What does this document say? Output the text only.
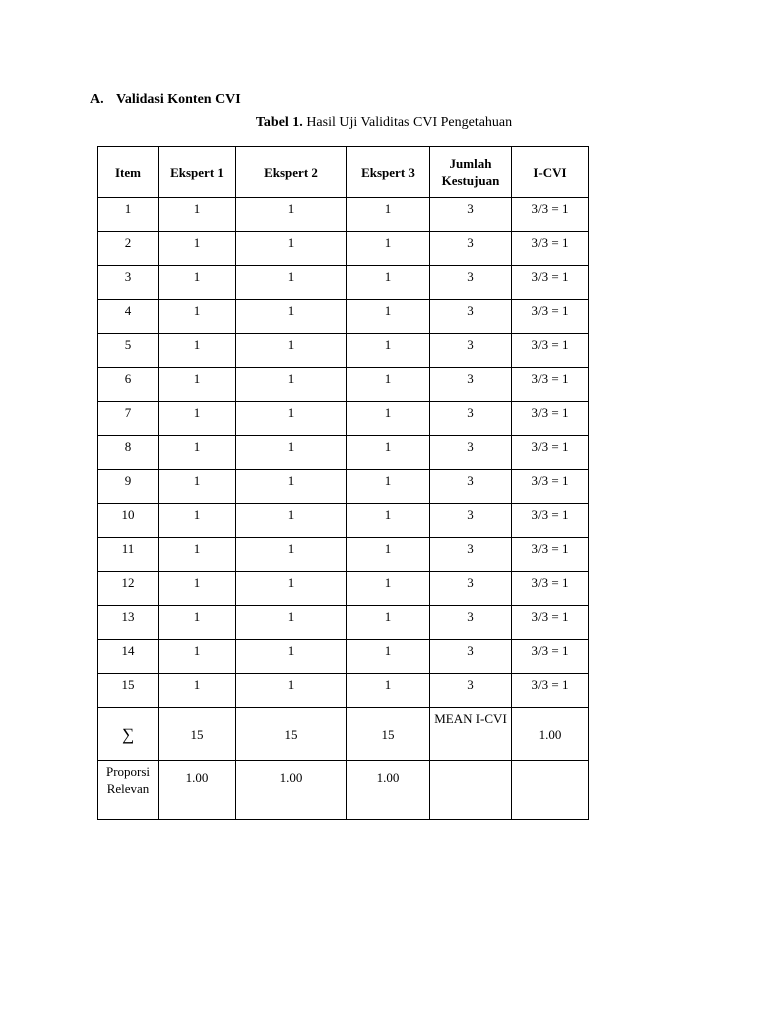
A. Validasi Konten CVI
Tabel 1. Hasil Uji Validitas CVI Pengetahuan
Item	Ekspert 1	Ekspert 2	Ekspert 3	Jumlah Kestujuan	I-CVI
1	1	1	1	3	3/3 = 1
2	1	1	1	3	3/3 = 1
3	1	1	1	3	3/3 = 1
4	1	1	1	3	3/3 = 1
5	1	1	1	3	3/3 = 1
6	1	1	1	3	3/3 = 1
7	1	1	1	3	3/3 = 1
8	1	1	1	3	3/3 = 1
9	1	1	1	3	3/3 = 1
10	1	1	1	3	3/3 = 1
11	1	1	1	3	3/3 = 1
12	1	1	1	3	3/3 = 1
13	1	1	1	3	3/3 = 1
14	1	1	1	3	3/3 = 1
15	1	1	1	3	3/3 = 1
∑	15	15	15	MEAN I-CVI	1.00
Proporsi Relevan	1.00	1.00	1.00		
